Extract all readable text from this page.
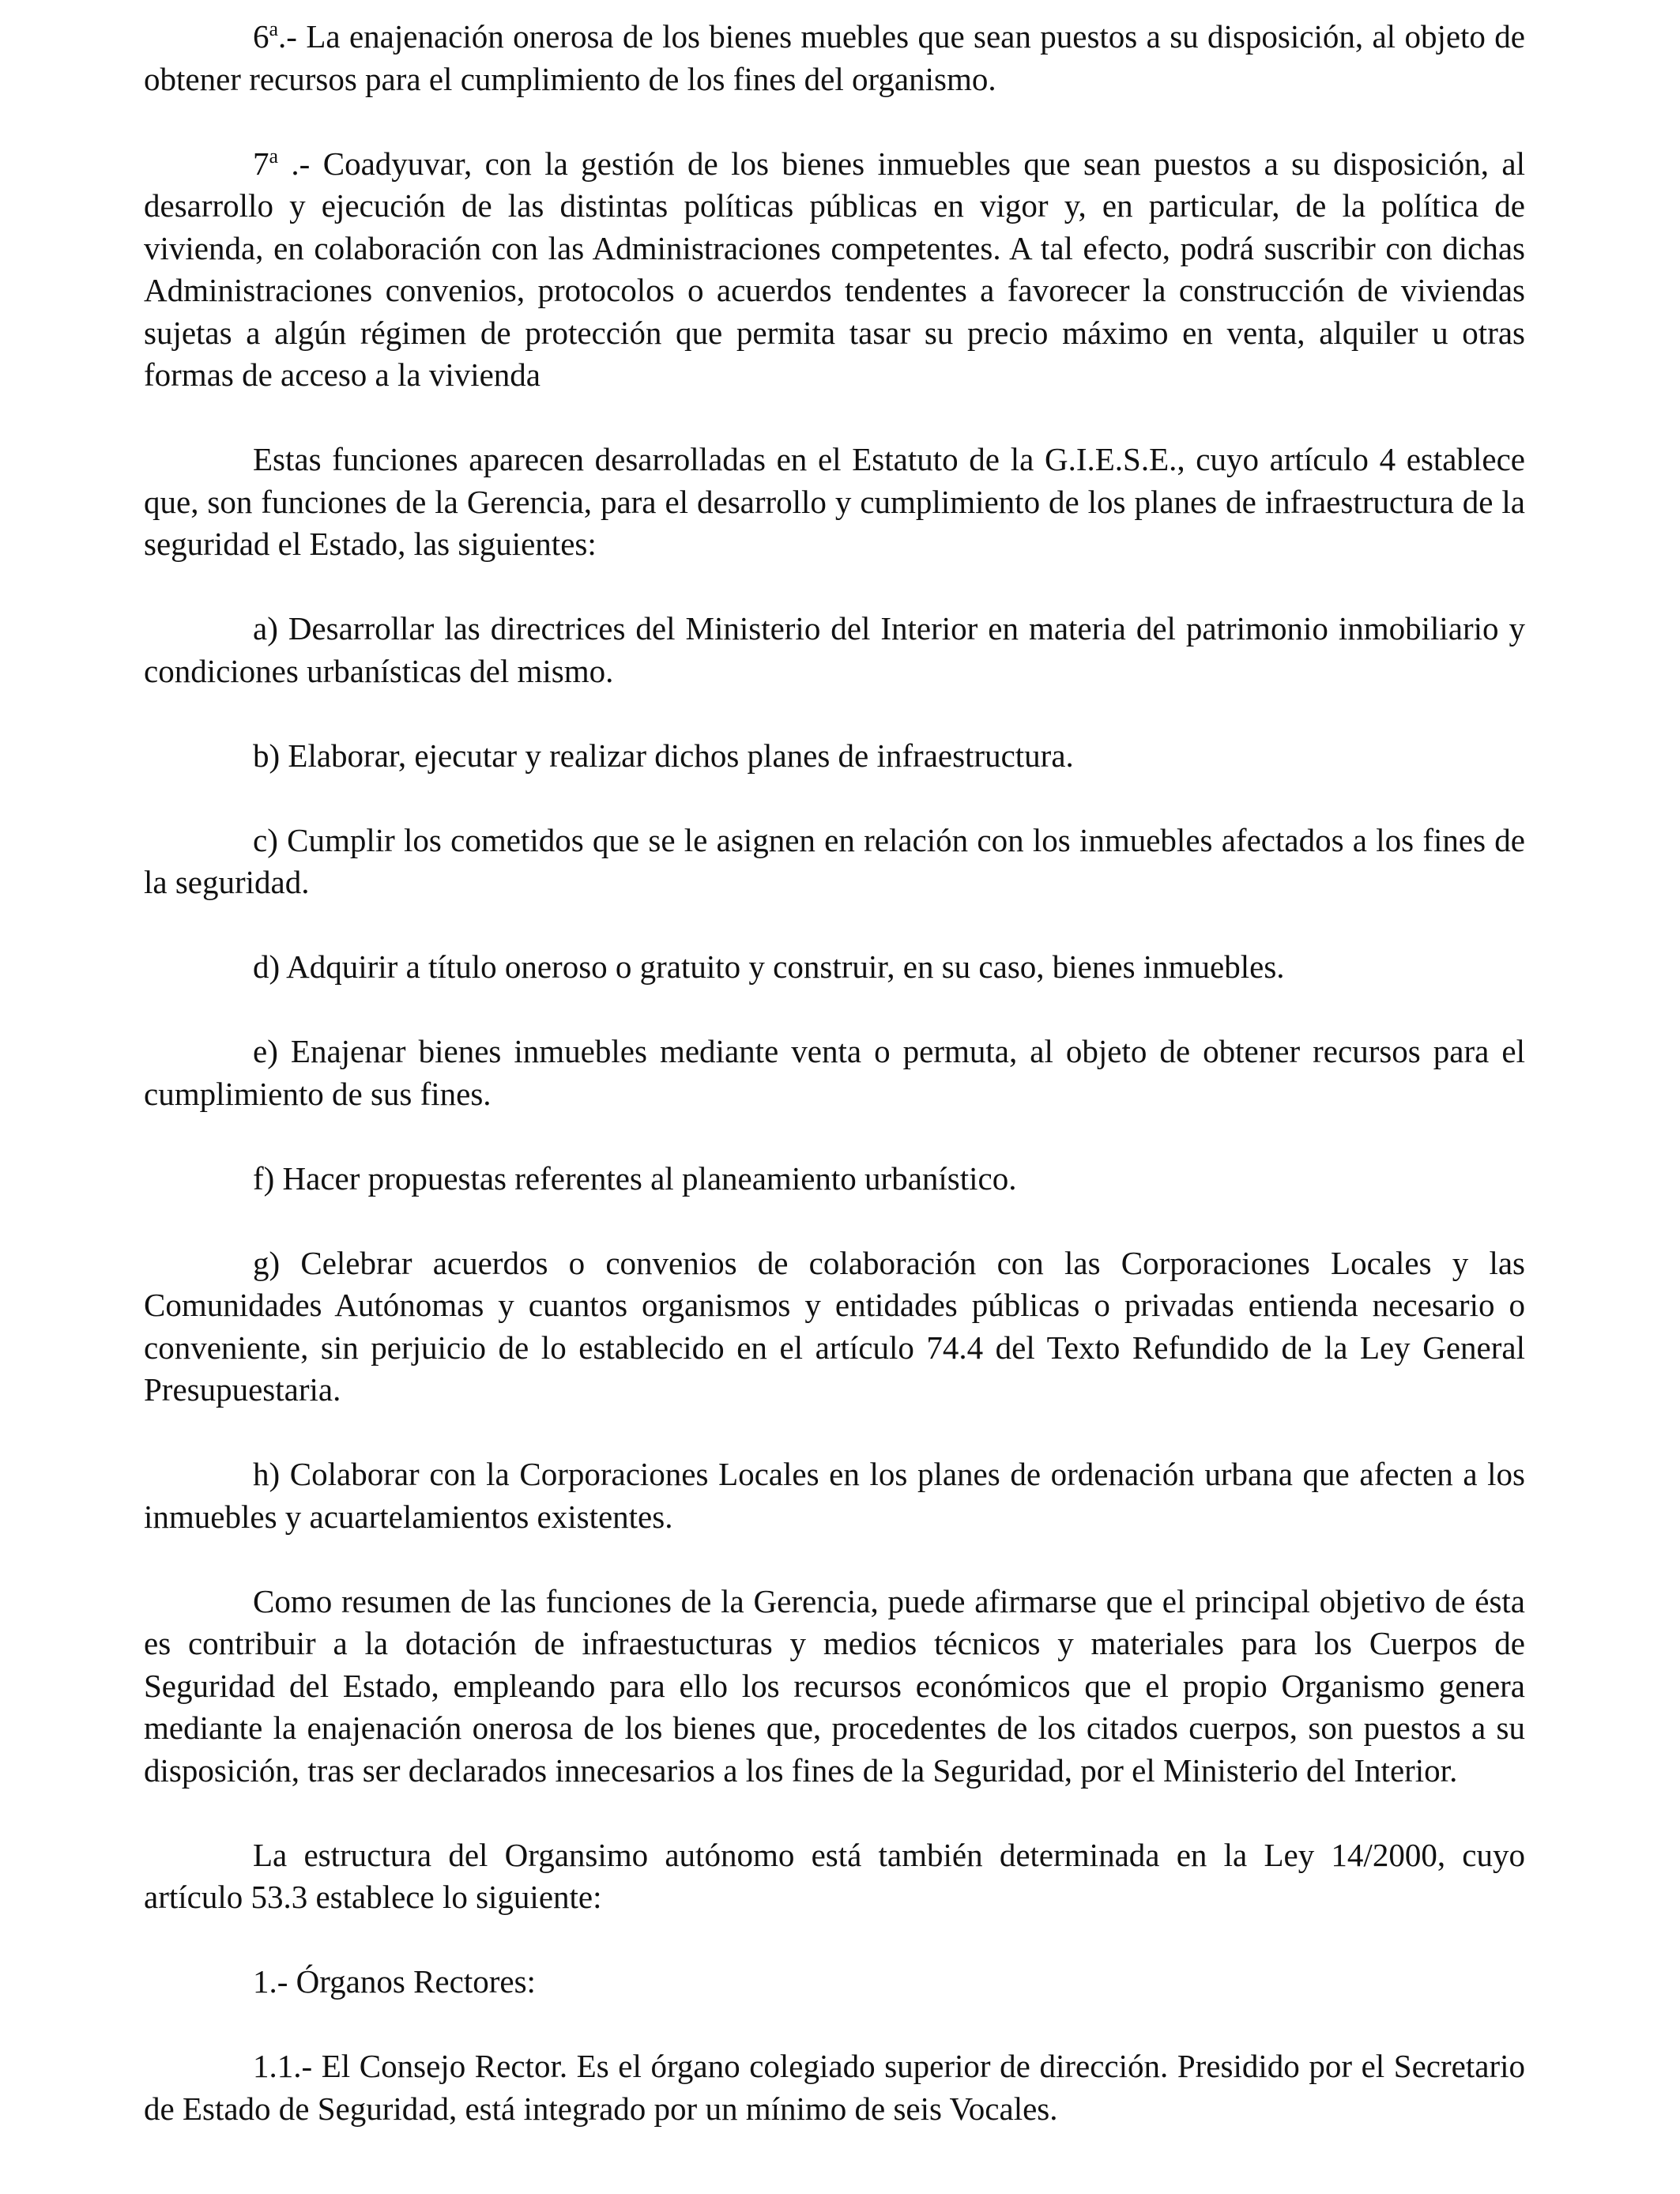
6$^a$.- La enajenación onerosa de los bienes muebles que sean puestos a su disposición, al objeto de obtener recursos para el cumplimiento de los fines del organismo.

7$^a$ .- Coadyuvar, con la gestión de los bienes inmuebles que sean puestos a su disposición, al desarrollo y ejecución de las distintas políticas públicas en vigor y, en particular, de la política de vivienda, en colaboración con las Administraciones competentes. A tal efecto, podrá suscribir con dichas Administraciones convenios, protocolos o acuerdos tendentes a favorecer la construcción de viviendas sujetas a algún régimen de protección que permita tasar su precio máximo en venta, alquiler u otras formas de acceso a la vivienda

Estas funciones aparecen desarrolladas en el Estatuto de la G.I.E.S.E., cuyo artículo 4 establece que, son funciones de la Gerencia, para el desarrollo y cumplimiento de los planes de infraestructura de la seguridad el Estado, las siguientes:

a) Desarrollar las directrices del Ministerio del Interior en materia del patrimonio inmobiliario y condiciones urbanísticas del mismo.

b) Elaborar, ejecutar y realizar dichos planes de infraestructura.

c) Cumplir los cometidos que se le asignen en relación con los inmuebles afectados a los fines de la seguridad.

d) Adquirir a título oneroso o gratuito y construir, en su caso, bienes inmuebles.

e) Enajenar bienes inmuebles mediante venta o permuta, al objeto de obtener recursos para el cumplimiento de sus fines.

f) Hacer propuestas referentes al planeamiento urbanístico.

g) Celebrar acuerdos o convenios de colaboración con las Corporaciones Locales y las Comunidades Autónomas y cuantos organismos y entidades públicas o privadas entienda necesario o conveniente, sin perjuicio de lo establecido en el artículo 74.4 del Texto Refundido de la Ley General Presupuestaria.

h) Colaborar con la Corporaciones Locales en los planes de ordenación urbana que afecten a los inmuebles y acuartelamientos existentes.

Como resumen de las funciones de la Gerencia, puede afirmarse que el principal objetivo de ésta es contribuir a la dotación de infraestucturas y medios técnicos y materiales para los Cuerpos de Seguridad del Estado, empleando para ello los recursos económicos que el propio Organismo genera mediante la enajenación onerosa de los bienes que, procedentes de los citados cuerpos, son puestos a su disposición, tras ser declarados innecesarios a los fines de la Seguridad, por el Ministerio del Interior.

La estructura del Organsimo autónomo está también determinada en la Ley 14/2000, cuyo artículo 53.3 establece lo siguiente:

1.- Órganos Rectores:

1.1.- El Consejo Rector. Es el órgano colegiado superior de dirección. Presidido por el Secretario de Estado de Seguridad, está integrado por un mínimo de seis Vocales.
